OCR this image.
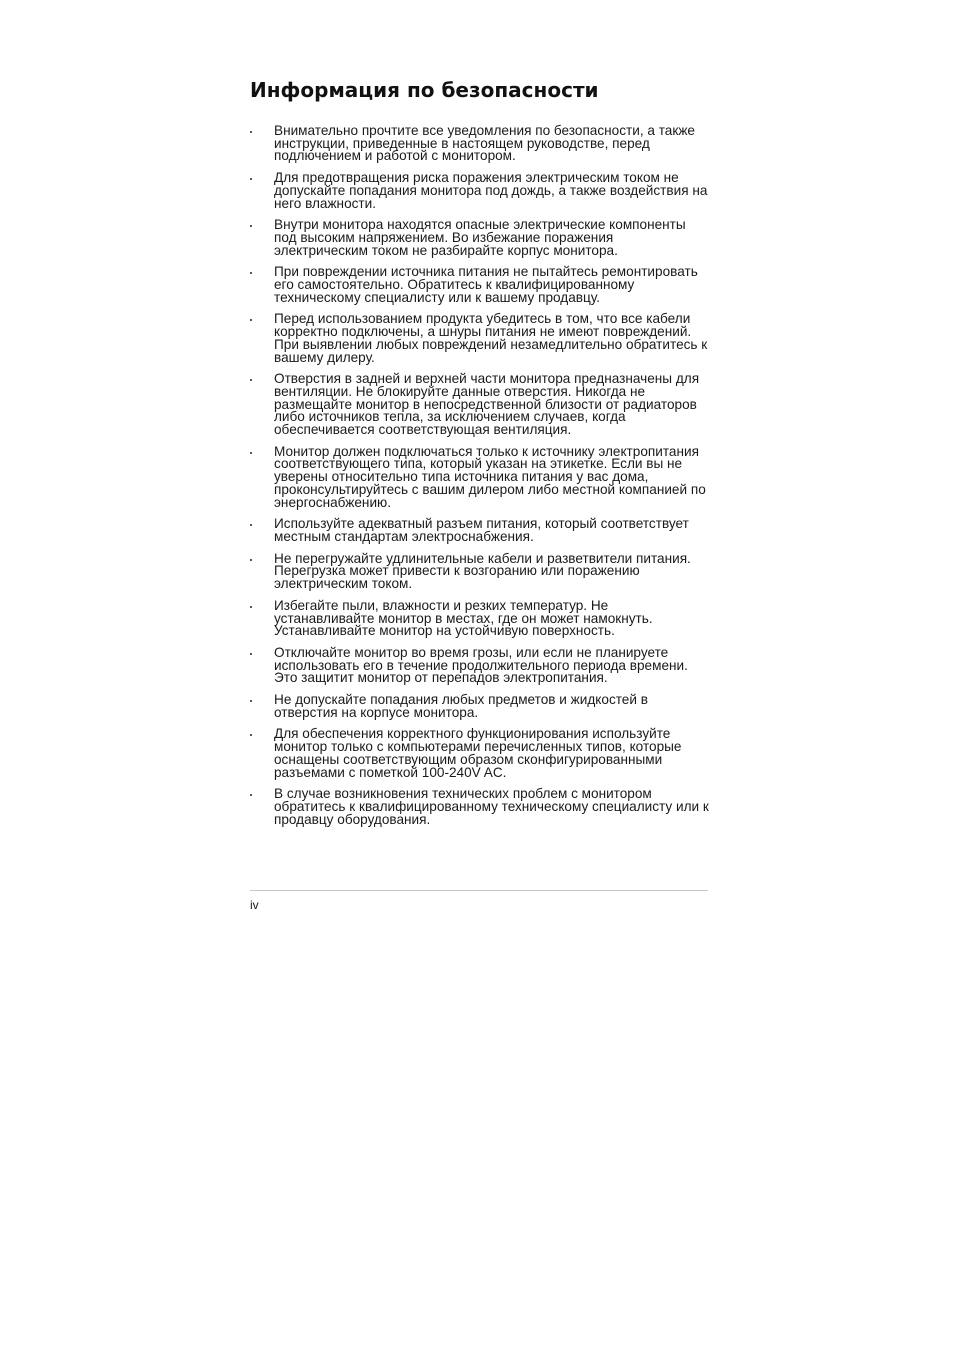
Информация по безопасности
Внимательно прочтите все уведомления по безопасности, а также инструкции, приведенные в настоящем руководстве, перед подлючением и работой с монитором.
Для предотвращения риска поражения электрическим током не допускайте попадания монитора под дождь, а также воздействия на него влажности.
Внутри монитора находятся опасные электрические компоненты под высоким напряжением. Во избежание поражения электрическим током не разбирайте корпус монитора.
При повреждении источника питания не пытайтесь ремонтировать его самостоятельно. Обратитесь к квалифицированному техническому специалисту или к вашему продавцу.
Перед использованием продукта убедитесь в том, что все кабели корректно подключены, а шнуры питания не имеют повреждений. При выявлении любых повреждений незамедлительно обратитесь к вашему дилеру.
Отверстия в задней и верхней части монитора предназначены для вентиляции. Не блокируйте данные отверстия. Никогда не размещайте монитор в непосредственной близости от радиаторов либо источников тепла, за исключением случаев, когда обеспечивается соответствующая вентиляция.
Монитор должен подключаться только к источнику электропитания соответствующего типа, который указан на этикетке. Если вы не уверены относительно типа источника питания у вас дома, проконсультируйтесь с вашим дилером либо местной компанией по энергоснабжению.
Используйте адекватный разъем питания, который соответствует местным стандартам электроснабжения.
Не перегружайте удлинительные кабели и разветвители питания. Перегрузка может привести к возгоранию или поражению электрическим током.
Избегайте пыли, влажности и резких температур. Не устанавливайте монитор в местах, где он может намокнуть. Устанавливайте монитор на устойчивую поверхность.
Отключайте монитор во время грозы, или если не планируете использовать его в течение продолжительного периода времени. Это защитит монитор от перепадов электропитания.
Не допускайте попадания любых предметов и жидкостей в отверстия на корпусе монитора.
Для обеспечения корректного функционирования используйте монитор только с компьютерами перечисленных типов, которые оснащены соответствующим образом сконфигурированными разъемами с пометкой 100-240V AC.
В случае возникновения технических проблем с монитором обратитесь к квалифицированному техническому специалисту или к продавцу оборудования.
iv
